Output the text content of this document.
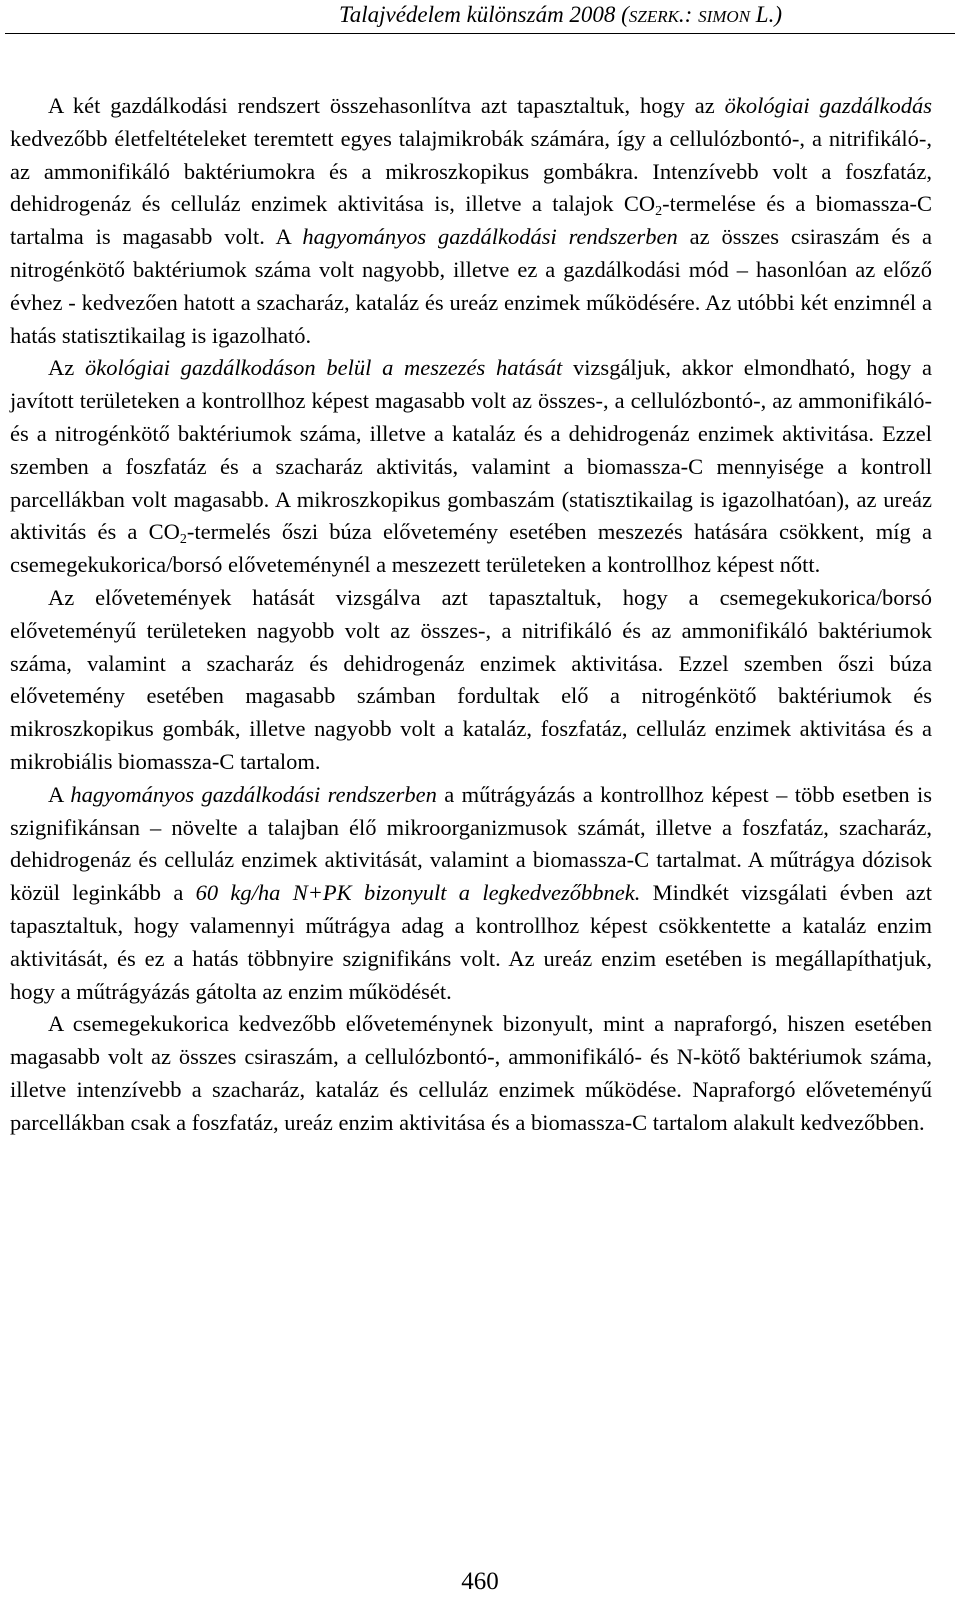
Talajvédelem különszám 2008 (SZERK.: SIMON L.)

A két gazdálkodási rendszert összehasonlítva azt tapasztaltuk, hogy az ökológiai gazdálkodás kedvezőbb életfeltételeket teremtett egyes talajmikrobák számára, így a cellulózbontó-, a nitrifikáló-, az ammonifikáló baktériumokra és a mikroszkopikus gombákra. Intenzívebb volt a foszfatáz, dehidrogenáz és celluláz enzimek aktivitása is, illetve a talajok $CO_2$-termelése és a biomassza-C tartalma is magasabb volt. A hagyományos gazdálkodási rendszerben az összes csiraszám és a nitrogénkötő baktériumok száma volt nagyobb, illetve ez a gazdálkodási mód – hasonlóan az előző évhez - kedvezően hatott a szacharáz, kataláz és ureáz enzimek működésére. Az utóbbi két enzimnél a hatás statisztikailag is igazolható.

Az ökológiai gazdálkodáson belül a meszezés hatását vizsgáljuk, akkor elmondható, hogy a javított területeken a kontrollhoz képest magasabb volt az összes-, a cellulózbontó-, az ammonifikáló- és a nitrogénkötő baktériumok száma, illetve a kataláz és a dehidrogenáz enzimek aktivitása. Ezzel szemben a foszfatáz és a szacharáz aktivitás, valamint a biomassza-C mennyisége a kontroll parcellákban volt magasabb. A mikroszkopikus gombaszám (statisztikailag is igazolhatóan), az ureáz aktivitás és a $CO_2$-termelés őszi búza elővetemény esetében meszezés hatására csökkent, míg a csemegekukorica/borsó előveteménynél a meszezett területeken a kontrollhoz képest nőtt.

Az elővetemények hatását vizsgálva azt tapasztaltuk, hogy a csemegekukorica/borsó előveteményű területeken nagyobb volt az összes-, a nitrifikáló és az ammonifikáló baktériumok száma, valamint a szacharáz és dehidrogenáz enzimek aktivitása. Ezzel szemben őszi búza elővetemény esetében magasabb számban fordultak elő a nitrogénkötő baktériumok és mikroszkopikus gombák, illetve nagyobb volt a kataláz, foszfatáz, celluláz enzimek aktivitása és a mikrobiális biomassza-C tartalom.

A hagyományos gazdálkodási rendszerben a műtrágyázás a kontrollhoz képest – több esetben is szignifikánsan – növelte a talajban élő mikroorganizmusok számát, illetve a foszfatáz, szacharáz, dehidrogenáz és celluláz enzimek aktivitását, valamint a biomassza-C tartalmat. A műtrágya dózisok közül leginkább a 60 kg/ha N+PK bizonyult a legkedvezőbbnek. Mindkét vizsgálati évben azt tapasztaltuk, hogy valamennyi műtrágya adag a kontrollhoz képest csökkentette a kataláz enzim aktivitását, és ez a hatás többnyire szignifikáns volt. Az ureáz enzim esetében is megállapíthatjuk, hogy a műtrágyázás gátolta az enzim működését.

A csemegekukorica kedvezőbb előveteménynek bizonyult, mint a napraforgó, hiszen esetében magasabb volt az összes csiraszám, a cellulózbontó-, ammonifikáló- és N-kötő baktériumok száma, illetve intenzívebb a szacharáz, kataláz és celluláz enzimek működése. Napraforgó előveteményű parcellákban csak a foszfatáz, ureáz enzim aktivitása és a biomassza-C tartalom alakult kedvezőbben.

460
